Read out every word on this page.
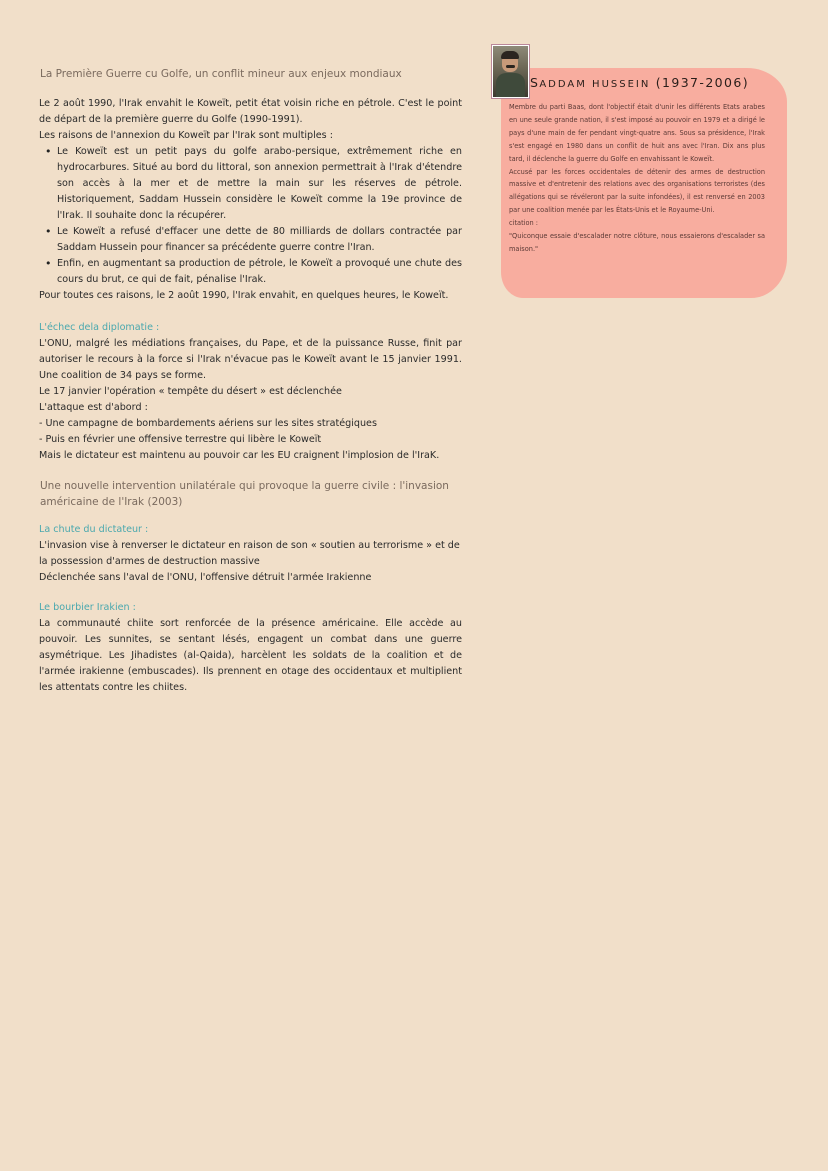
La Première Guerre cu Golfe, un conflit mineur aux enjeux mondiaux

Le 2 août 1990, l'Irak envahit le Koweït, petit état voisin riche en pétrole. C'est le point de départ de la première guerre du Golfe (1990-1991).

Les raisons de l'annexion du Koweït par l'Irak sont multiples :

• Le Koweït est un petit pays du golfe arabo-persique, extrêmement riche en hydrocarbures. Situé au bord du littoral, son annexion permettrait à l'Irak d'étendre son accès à la mer et de mettre la main sur les réserves de pétrole. Historiquement, Saddam Hussein considère le Koweït comme la 19e province de l'Irak. Il souhaite donc la récupérer.
• Le Koweït a refusé d'effacer une dette de 80 milliards de dollars contractée par Saddam Hussein pour financer sa précédente guerre contre l'Iran.
• Enfin, en augmentant sa production de pétrole, le Koweït a provoqué une chute des cours du brut, ce qui de fait, pénalise l'Irak.

Pour toutes ces raisons, le 2 août 1990, l'Irak envahit, en quelques heures, le Koweït.

L'échec dela diplomatie :

L'ONU, malgré les médiations françaises, du Pape, et de la puissance Russe, finit par autoriser le recours à la force si l'Irak n'évacue pas le Koweït avant le 15 janvier 1991. Une coalition de 34 pays se forme.

Le 17 janvier l'opération « tempête du désert » est déclenchée

L'attaque est d'abord :

- Une campagne de bombardements aériens sur les sites stratégiques

- Puis en février une offensive terrestre qui libère le Koweït

Mais le dictateur est maintenu au pouvoir car les EU craignent l'implosion de l'IraK.

Une nouvelle intervention unilatérale qui provoque la guerre civile : l'invasion américaine de l'Irak (2003)
La chute du dictateur :

L'invasion vise à renverser le dictateur en raison de son « soutien au terrorisme » et de la possession d'armes de destruction massive

Déclenchée sans l'aval de l'ONU, l'offensive détruit l'armée Irakienne

Le bourbier Irakien :

La communauté chiite sort renforcée de la présence américaine. Elle accède au pouvoir. Les sunnites, se sentant lésés, engagent un combat dans une guerre asymétrique. Les Jihadistes (al-Qaida), harcèlent les soldats de la coalition et de l'armée irakienne (embuscades). Ils prennent en otage des occidentaux et multiplient les attentats contre les chiites.

SADDAM HUSSEIN (1937-2006)

Membre du parti Baas, dont l'objectif était d'unir les différents Etats arabes en une seule grande nation, il s'est imposé au pouvoir en 1979 et a dirigé le pays d'une main de fer pendant vingt-quatre ans. Sous sa présidence, l'Irak s'est engagé en 1980 dans un conflit de huit ans avec l'Iran. Dix ans plus tard, il déclenche la guerre du Golfe en envahissant le Koweït.

Accusé par les forces occidentales de détenir des armes de destruction massive et d'entretenir des relations avec des organisations terroristes (des allégations qui se révéleront par la suite infondées), il est renversé en 2003 par une coalition menée par les États-Unis et le Royaume-Uni.

citation :

"Quiconque essaie d'escalader notre clôture, nous essaierons d'escalader sa maison."
